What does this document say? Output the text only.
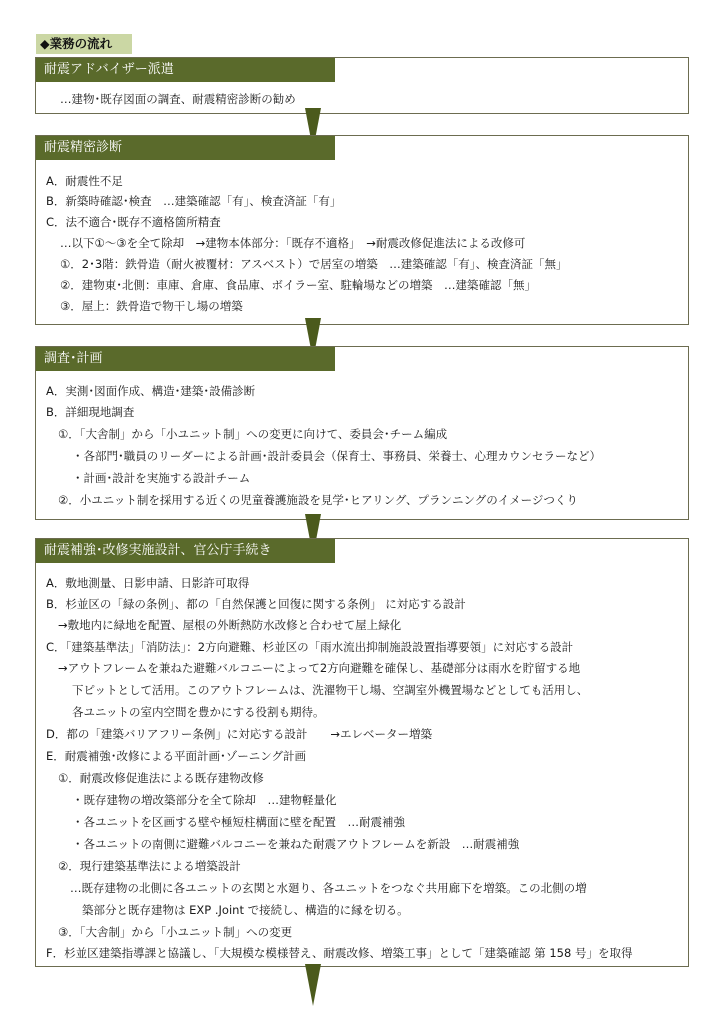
◆業務の流れ
耐震アドバイザー派遣
…建物･既存図面の調査、耐震精密診断の勧め
耐震精密診断
A．耐震性不足
B．新築時確認･検査　…建築確認「有」、検査済証「有」
C．法不適合･既存不適格箇所精査
…以下①～③を全て除却　→建物本体部分：「既存不適格」　→耐震改修促進法による改修可
①．2･3階：鉄骨造（耐火被覆材：アスベスト）で居室の増築　…建築確認「有」、検査済証「無」
②．建物東･北側：車庫、倉庫、食品庫、ボイラー室、駐輪場などの増築　…建築確認「無」
③．屋上：鉄骨造で物干し場の増築
調査･計画
A．実測･図面作成、構造･建築･設備診断
B．詳細現地調査
①．「大舎制」から「小ユニット制」への変更に向けて、委員会･チーム編成
・各部門･職員のリーダーによる計画･設計委員会（保育士、事務員、栄養士、心理カウンセラーなど）
・計画･設計を実施する設計チーム
②．小ユニット制を採用する近くの児童養護施設を見学･ヒアリング、プランニングのイメージつくり
耐震補強･改修実施設計、官公庁手続き
A．敷地測量、日影申請、日影許可取得
B．杉並区の「緑の条例」、都の「自然保護と回復に関する条例」 に対応する設計
→敷地内に緑地を配置、屋根の外断熱防水改修と合わせて屋上緑化
C．「建築基準法」「消防法」：2方向避難、杉並区の「雨水流出抑制施設設置指導要領」に対応する設計
→アウトフレームを兼ねた避難バルコニーによって2方向避難を確保し、基礎部分は雨水を貯留する地
下ピットとして活用。このアウトフレームは、洗濯物干し場、空調室外機置場などとしても活用し、
各ユニットの室内空間を豊かにする役割も期待。
D．都の「建築バリアフリー条例」に対応する設計　　→エレベーター増築
E．耐震補強･改修による平面計画･ゾーニング計画
①．耐震改修促進法による既存建物改修
・既存建物の増改築部分を全て除却　…建物軽量化
・各ユニットを区画する壁や極短柱構面に壁を配置　…耐震補強
・各ユニットの南側に避難バルコニーを兼ねた耐震アウトフレームを新設　…耐震補強
②．現行建築基準法による増築設計
…既存建物の北側に各ユニットの玄関と水廻り、各ユニットをつなぐ共用廊下を増築。この北側の増
築部分と既存建物は EXP .Joint で接続し、構造的に縁を切る。
③．「大舎制」から「小ユニット制」への変更
F．杉並区建築指導課と協議し、「大規模な模様替え、耐震改修、増築工事」として「建築確認 第 158 号」を取得
